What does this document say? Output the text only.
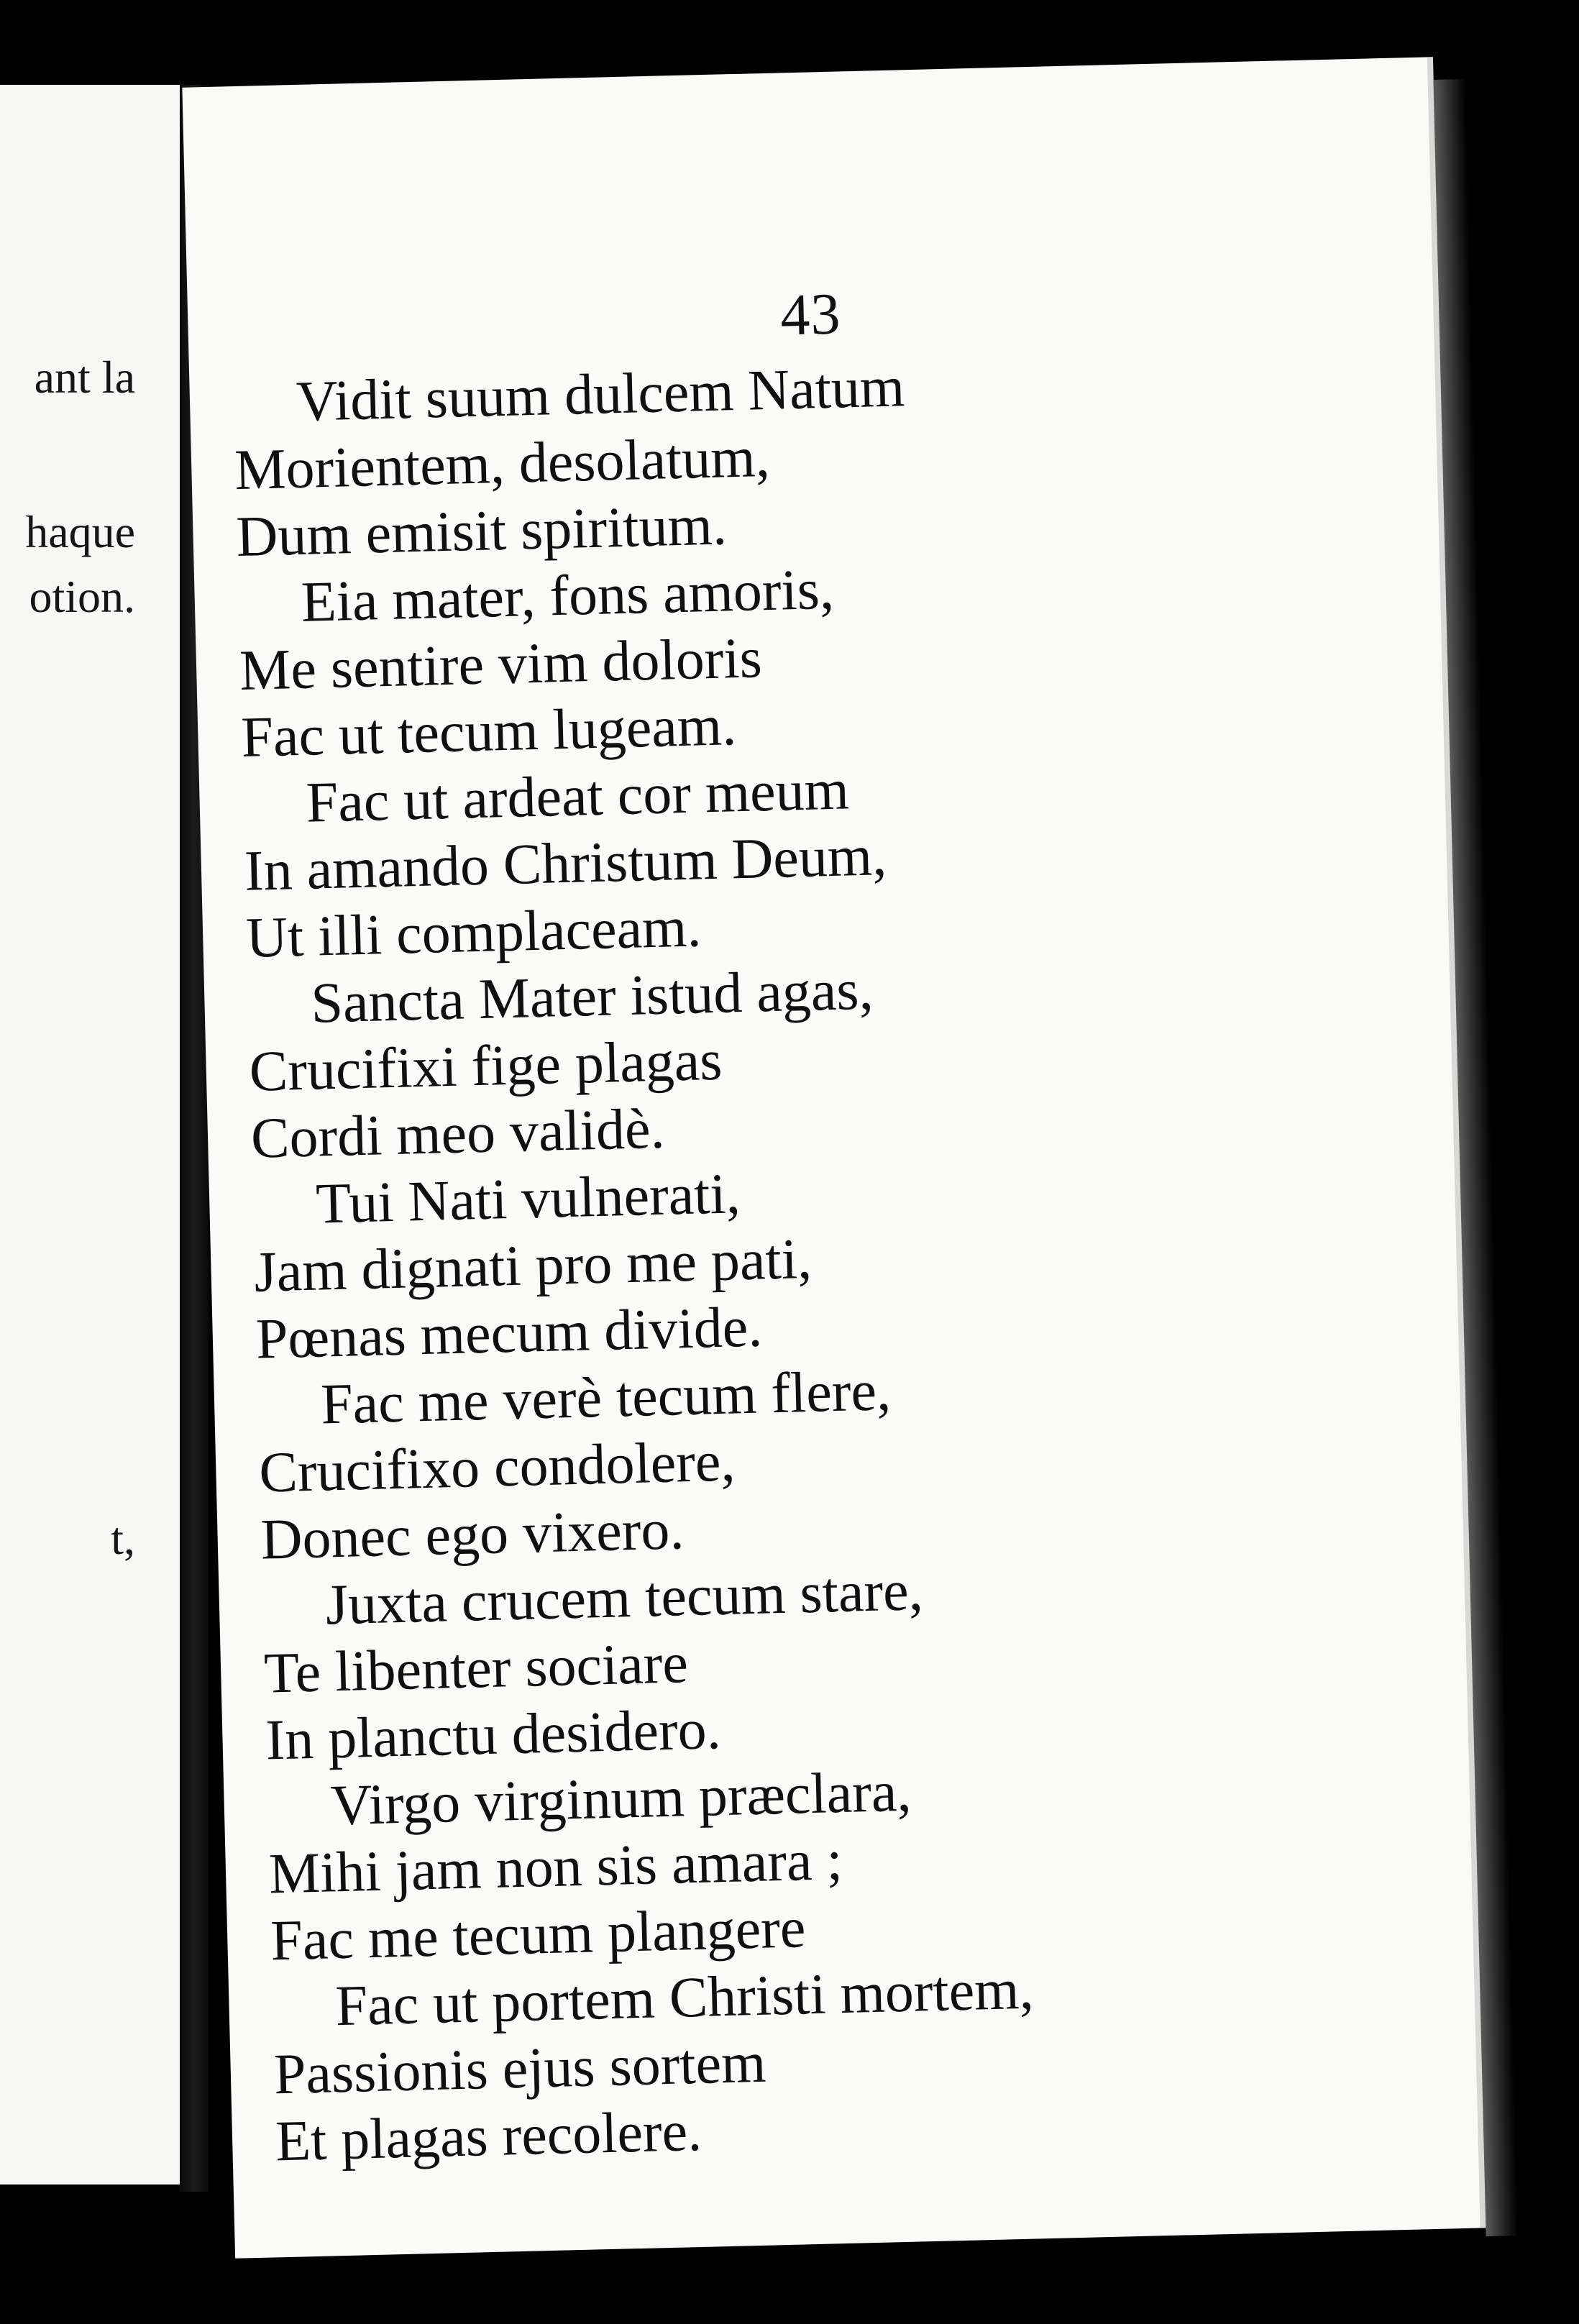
ant la
haque
otion.
t,
43
Vidit suum dulcem Natum
Morientem, desolatum,
Dum emisit spiritum.
Eia mater, fons amoris,
Me sentire vim doloris
Fac ut tecum lugeam.
Fac ut ardeat cor meum
In amando Christum Deum,
Ut illi complaceam.
Sancta Mater istud agas,
Crucifixi fige plagas
Cordi meo validè.
Tui Nati vulnerati,
Jam dignati pro me pati,
Pœnas mecum divide.
Fac me verè tecum flere,
Crucifixo condolere,
Donec ego vixero.
Juxta crucem tecum stare,
Te libenter sociare
In planctu desidero.
Virgo virginum præclara,
Mihi jam non sis amara ;
Fac me tecum plangere
Fac ut portem Christi mortem,
Passionis ejus sortem
Et plagas recolere.
